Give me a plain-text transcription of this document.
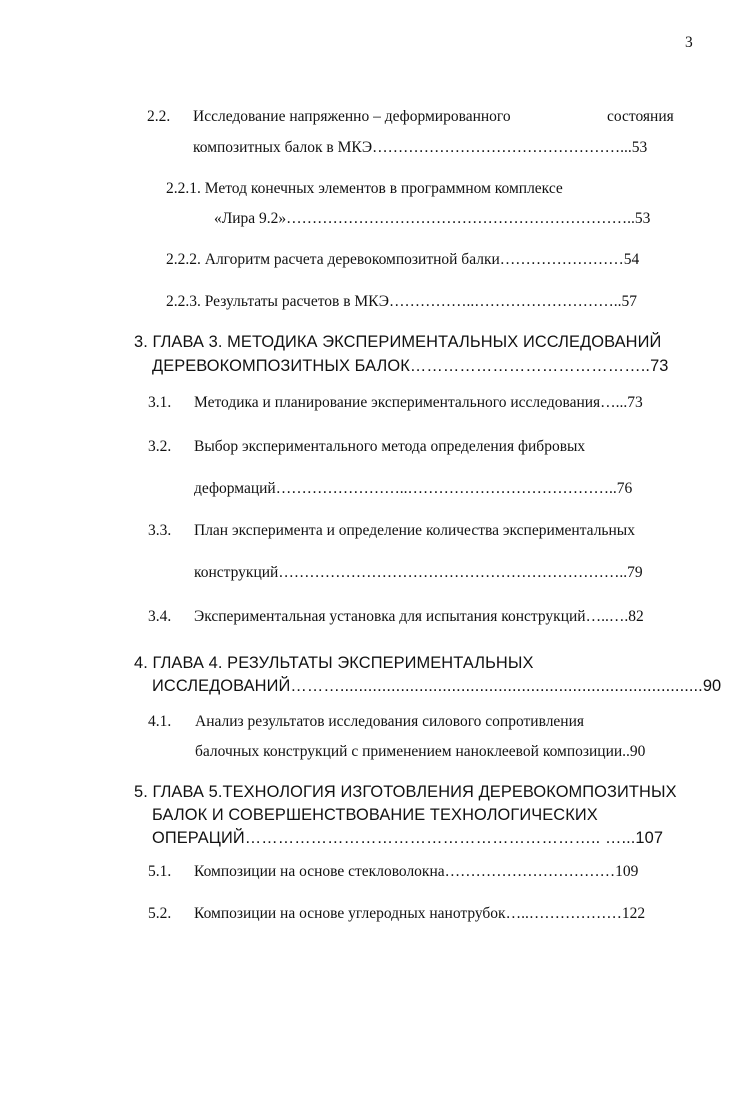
3
2.2. Исследование напряженно – деформированного	состояния
композитных балок в МКЭ…………………………………………...53
2.2.1. Метод конечных элементов в программном комплексе
«Лира 9.2»…………………………………………………………..53
2.2.2. Алгоритм расчета деревокомпозитной балки……………………54
2.2.3. Результаты расчетов в МКЭ……………..………………………..57
3. ГЛАВА 3. МЕТОДИКА ЭКСПЕРИМЕНТАЛЬНЫХ ИССЛЕДОВАНИЙ
ДЕРЕВОКОМПОЗИТНЫХ БАЛОК……………………………………..73
3.1. Методика и планирование экспериментального исследования…...73
3.2. Выбор экспериментального метода определения фибровых
деформаций……………………..…………………………………..76
3.3. План эксперимента и определение количества экспериментальных
конструкций…………………………………………………………..79
3.4. Экспериментальная установка для испытания конструкций…..….82
4. ГЛАВА 4. РЕЗУЛЬТАТЫ ЭКСПЕРИМЕНТАЛЬНЫХ
ИССЛЕДОВАНИЙ………..............................................................................90
4.1. Анализ результатов исследования силового сопротивления
балочных конструкций с применением наноклеевой композиции..90
5. ГЛАВА 5.ТЕХНОЛОГИЯ ИЗГОТОВЛЕНИЯ ДЕРЕВОКОМПОЗИТНЫХ
БАЛОК И СОВЕРШЕНСТВОВАНИЕ ТЕХНОЛОГИЧЕСКИХ
ОПЕРАЦИЙ……………………………………………………….. …...107
5.1. Композиции на основе стекловолокна……………………………109
5.2. Композиции на основе углеродных нанотрубок…..………………122
